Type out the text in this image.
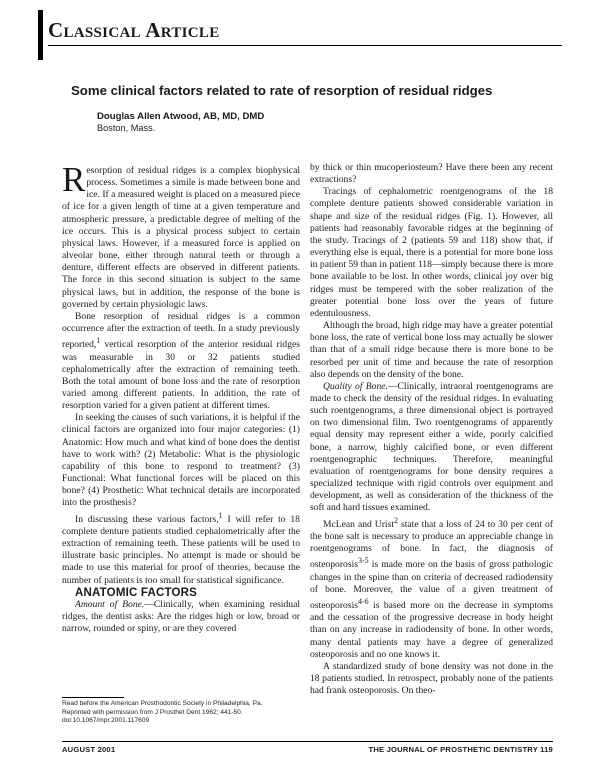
Classical Article
Some clinical factors related to rate of resorption of residual ridges
Douglas Allen Atwood, AB, MD, DMD
Boston, Mass.

Resorption of residual ridges is a complex biophysical process. Sometimes a simile is made between bone and ice. If a measured weight is placed on a measured piece of ice for a given length of time at a given temperature and atmospheric pressure, a predictable degree of melting of the ice occurs. This is a physical process subject to certain physical laws. However, if a measured force is applied on alveolar bone, either through natural teeth or through a denture, different effects are observed in different patients. The force in this second situation is subject to the same physical laws, but in addition, the response of the bone is governed by certain physiologic laws.

Bone resorption of residual ridges is a common occurrence after the extraction of teeth. In a study previously reported,$^1$ vertical resorption of the anterior residual ridges was measurable in 30 or 32 patients studied cephalometrically after the extraction of remaining teeth. Both the total amount of bone loss and the rate of resorption varied among different patients. In addition, the rate of resorption varied for a given patient at different times.

In seeking the causes of such variations, it is helpful if the clinical factors are organized into four major categories: (1) Anatomic: How much and what kind of bone does the dentist have to work with? (2) Metabolic: What is the physiologic capability of this bone to respond to treatment? (3) Functional: What functional forces will be placed on this bone? (4) Prosthetic: What technical details are incorporated into the prosthesis?

In discussing these various factors,$^1$ I will refer to 18 complete denture patients studied cephalometrically after the extraction of remaining teeth. These patients will be used to illustrate basic principles. No attempt is made or should be made to use this material for proof of theories, because the number of patients is too small for statistical significance.

ANATOMIC FACTORS

Amount of Bone.—Clinically, when examining residual ridges, the dentist asks: Are the ridges high or low, broad or narrow, rounded or spiny, or are they covered

by thick or thin mucoperiosteum? Have there been any recent extractions?

Tracings of cephalometric roentgenograms of the 18 complete denture patients showed considerable variation in shape and size of the residual ridges (Fig. 1). However, all patients had reasonably favorable ridges at the beginning of the study. Tracings of 2 (patients 59 and 118) show that, if everything else is equal, there is a potential for more bone loss in patient 59 than in patient 118—simply because there is more bone available to be lost. In other words, clinical joy over big ridges must be tempered with the sober realization of the greater potential bone loss over the years of future edentulousness.

Although the broad, high ridge may have a greater potential bone loss, the rate of vertical bone loss may actually be slower than that of a small ridge because there is more bone to be resorbed per unit of time and because the rate of resorption also depends on the density of the bone.

Quality of Bone.—Clinically, intraoral roentgenograms are made to check the density of the residual ridges. In evaluating such roentgenograms, a three dimensional object is portrayed on two dimensional film. Two roentgenograms of apparently equal density may represent either a wide, poorly calcified bone, a narrow, highly calcified bone, or even different roentgenographic techniques. Therefore, meaningful evaluation of roentgenograms for bone density requires a specialized technique with rigid controls over equipment and development, as well as consideration of the thickness of the soft and hard tissues examined.

McLean and Urist$^2$ state that a loss of 24 to 30 per cent of the bone salt is necessary to produce an appreciable change in roentgenograms of bone. In fact, the diagnosis of osteoporosis$^{3-5}$ is made more on the basis of gross pathologic changes in the spine than on criteria of decreased radiodensity of bone. Moreover, the value of a given treatment of osteoporosis$^{4-6}$ is based more on the decrease in symptoms and the cessation of the progressive decrease in body height than on any increase in radiodensity of bone. In other words, many dental patients may have a degree of generalized osteoporosis and no one knows it.

A standardized study of bone density was not done in the 18 patients studied. In retrospect, probably none of the patients had frank osteoporosis. On theo-

Read before the American Prosthodontic Society in Philadelphia, Pa.
Reprinted with permission from J Prosthet Dent 1962; 441-50.
doi:10.1067/mpr.2001.117609
AUGUST 2001	THE JOURNAL OF PROSTHETIC DENTISTRY 119
